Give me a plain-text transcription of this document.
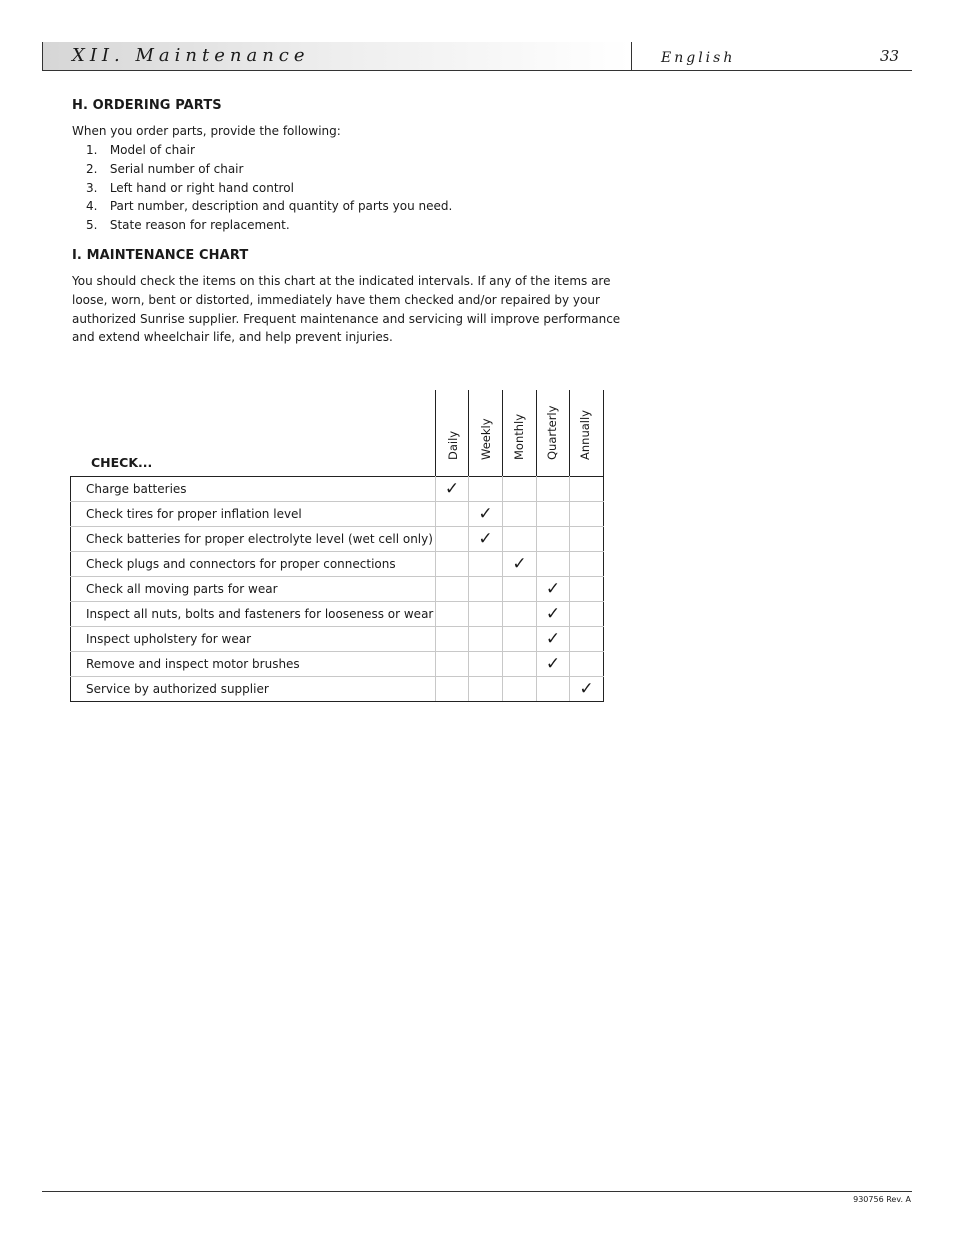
XII. Maintenance	English	33
H. ORDERING PARTS
When you order parts, provide the following:
1. Model of chair
2. Serial number of chair
3. Left hand or right hand control
4. Part number, description and quantity of parts you need.
5. State reason for replacement.
I. MAINTENANCE CHART
You should check the items on this chart at the indicated intervals. If any of the items are
loose, worn, bent or distorted, immediately have them checked and/or repaired by your
authorized Sunrise supplier. Frequent maintenance and servicing will improve performance
and extend wheelchair life, and help prevent injuries.
CHECK...
Daily Weekly Monthly Quarterly Annually
Charge batteries	✓				
Check tires for proper inflation level		✓			
Check batteries for proper electrolyte level (wet cell only)		✓			
Check plugs and connectors for proper connections			✓		
Check all moving parts for wear				✓	
Inspect all nuts, bolts and fasteners for looseness or wear				✓	
Inspect upholstery for wear				✓	
Remove and inspect motor brushes				✓	
Service by authorized supplier					✓
930756 Rev. A
